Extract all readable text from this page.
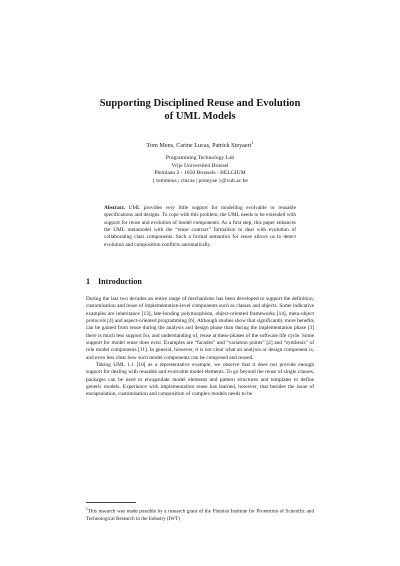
Supporting Disciplined Reuse and Evolution
of UML Models
Tom Mens, Carine Lucas, Patrick Steyaert$^1$
Programming Technology Lab
Vrije Universiteit Brussel
Pleinlaan 2 - 1050 Brussels - BELGIUM
{ tommens | clucas | prsteyae }@vub.ac.be
Abstract. UML provides very little support for modelling evolvable or reusable specifications and designs. To cope with this problem, the UML needs to be extended with support for reuse and evolution of model components. As a first step, this paper enhances the UML metamodel with the “reuse contract” formalism to deal with evolution of collaborating class components. Such a formal semantics for reuse allows us to detect evolution and composition conflicts automatically.
1 Introduction

During the last two decades an entire range of mechanisms has been developed to support the definition, customisation and reuse of implementation-level components such as classes and objects. Some indicative examples are inheritance [13], late-binding polymorphism, object-oriented frameworks [14], meta-object protocols [4] and aspect-oriented programming [6]. Although studies show that significantly more benefits can be gained from reuse during the analysis and design phase than during the implementation phase [3] there is much less support for, and understanding of, reuse at these phases of the software life cycle. Some support for model reuse does exist. Examples are “facades” and “variation points” [2] and “synthesis” of role model components [11]. In general, however, it is not clear what an analysis or design component is, and even less clear how such model components can be composed and reused.

Taking UML 1.1 [10] as a representative example, we observe that it does not provide enough support for dealing with reusable and evolvable model elements. To go beyond the reuse of single classes, packages can be used to encapsulate model elements and pattern structures and templates to define generic models. Experience with implementation reuse has learned, however, that besides the issue of encapsulation, customisation and composition of complex models needs to be

$^1$This research was made possible by a research grant of the Flemish Institute for Promotion of Scientific and Technological Research in the Industry (IWT)
